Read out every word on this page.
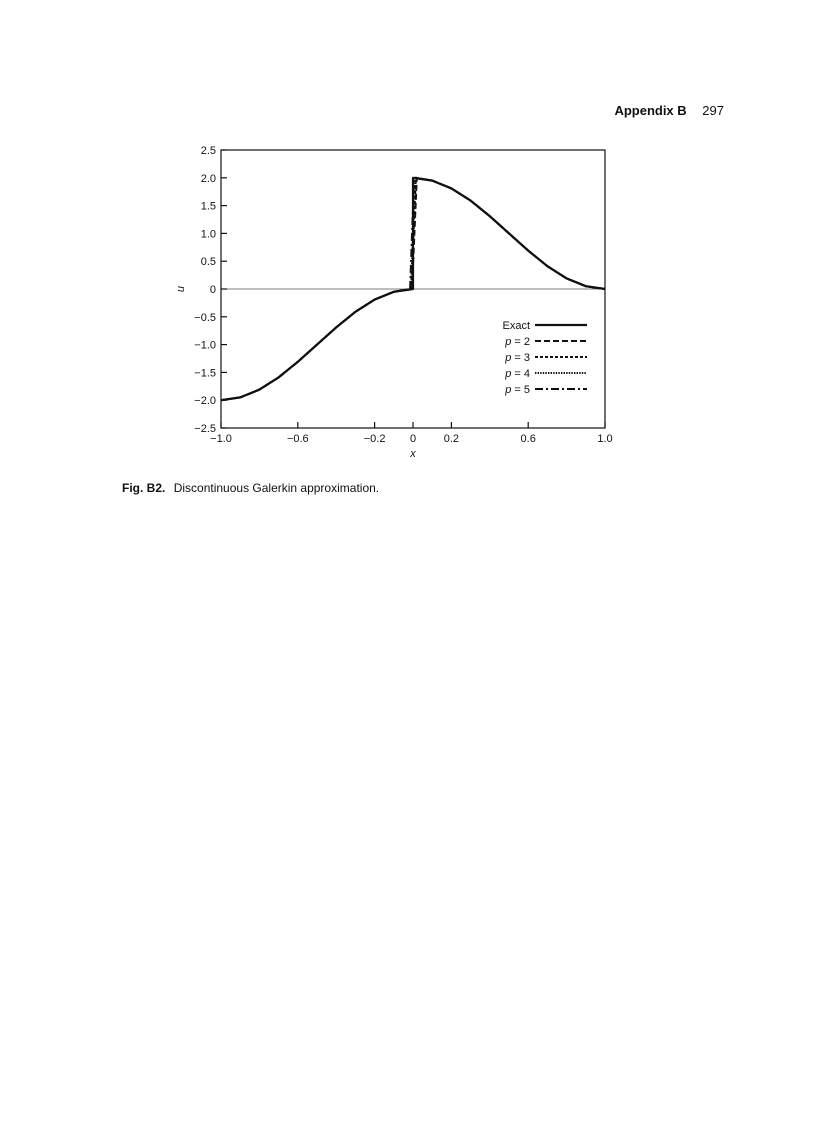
Appendix B 297
2.5
2.0
1.5
1.0
0.5
0
−0.5
−1.0
−1.5
−2.0
−2.5
−1.0	−0.6	−0.2 0	0.2	0.6	1.0
x
u
Exact
p = 2
p = 3
p = 4
p = 5
Fig. B2. Discontinuous Galerkin approximation.
